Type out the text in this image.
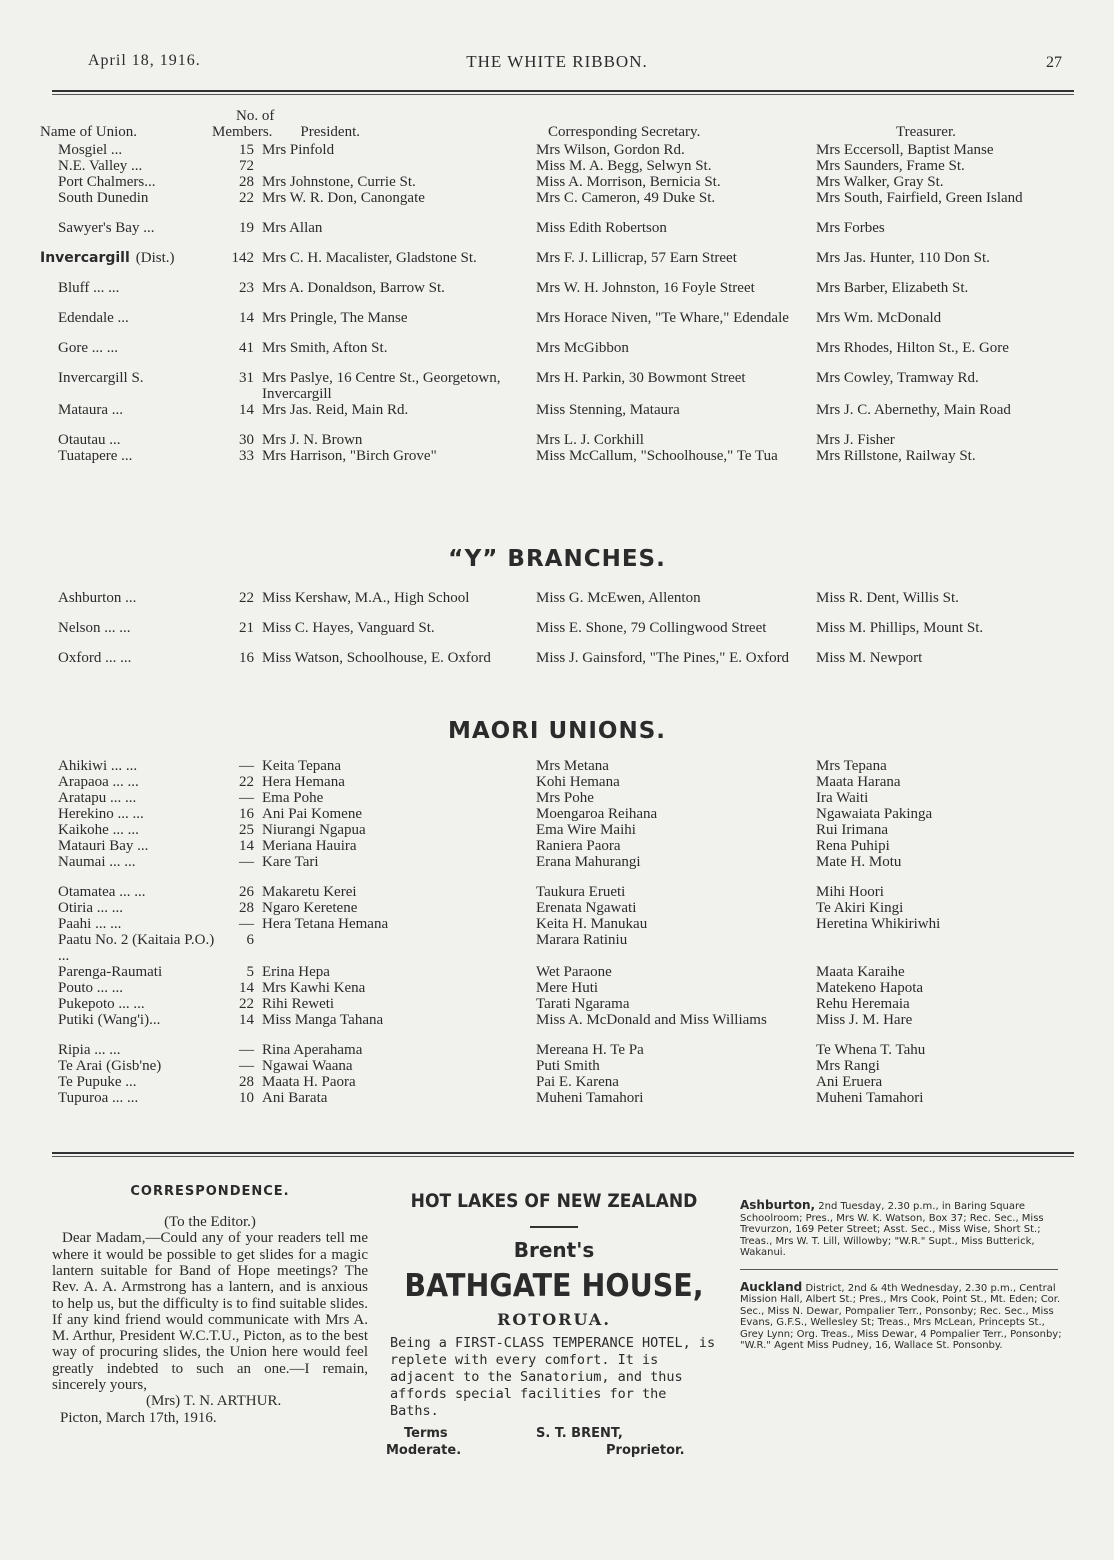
April 18, 1916.	THE WHITE RIBBON.	27
Name of Union.	No. of
Members. President.		Corresponding Secretary.	Treasurer.
Mosgiel ...	15	Mrs Pinfold	Mrs Wilson, Gordon Rd.	Mrs Eccersoll, Baptist Manse
N.E. Valley ...	72		Miss M. A. Begg, Selwyn St.	Mrs Saunders, Frame St.
Port Chalmers...	28	Mrs Johnstone, Currie St.	Miss A. Morrison, Bernicia St.	Mrs Walker, Gray St.
South Dunedin	22	Mrs W. R. Don, Canongate	Mrs C. Cameron, 49 Duke St.	Mrs South, Fairfield, Green Island
Sawyer's Bay ...	19	Mrs Allan	Miss Edith Robertson	Mrs Forbes
Invercargill (Dist.)	142	Mrs C. H. Macalister, Gladstone St.	Mrs F. J. Lillicrap, 57 Earn Street	Mrs Jas. Hunter, 110 Don St.
Bluff ... ...	23	Mrs A. Donaldson, Barrow St.	Mrs W. H. Johnston, 16 Foyle Street	Mrs Barber, Elizabeth St.
Edendale ...	14	Mrs Pringle, The Manse	Mrs Horace Niven, "Te Whare," Edendale	Mrs Wm. McDonald
Gore ... ...	41	Mrs Smith, Afton St.	Mrs McGibbon	Mrs Rhodes, Hilton St., E. Gore
Invercargill S.	31	Mrs Paslye, 16 Centre St., Georgetown, Invercargill	Mrs H. Parkin, 30 Bowmont Street	Mrs Cowley, Tramway Rd.
Mataura ...	14	Mrs Jas. Reid, Main Rd.	Miss Stenning, Mataura	Mrs J. C. Abernethy, Main Road
Otautau ...	30	Mrs J. N. Brown	Mrs L. J. Corkhill	Mrs J. Fisher
Tuatapere ...	33	Mrs Harrison, "Birch Grove"	Miss McCallum, "Schoolhouse," Te Tua	Mrs Rillstone, Railway St.
“Y” BRANCHES.
Ashburton ...	22	Miss Kershaw, M.A., High School	Miss G. McEwen, Allenton	Miss R. Dent, Willis St.
Nelson ... ...	21	Miss C. Hayes, Vanguard St.	Miss E. Shone, 79 Collingwood Street	Miss M. Phillips, Mount St.
Oxford ... ...	16	Miss Watson, Schoolhouse, E. Oxford	Miss J. Gainsford, "The Pines," E. Oxford	Miss M. Newport
MAORI UNIONS.
Ahikiwi ... ...	—	Keita Tepana	Mrs Metana	Mrs Tepana
Arapaoa ... ...	22	Hera Hemana	Kohi Hemana	Maata Harana
Aratapu ... ...	—	Ema Pohe	Mrs Pohe	Ira Waiti
Herekino ... ...	16	Ani Pai Komene	Moengaroa Reihana	Ngawaiata Pakinga
Kaikohe ... ...	25	Niurangi Ngapua	Ema Wire Maihi	Rui Irimana
Matauri Bay ...	14	Meriana Hauira	Raniera Paora	Rena Puhipi
Naumai ... ...	—	Kare Tari	Erana Mahurangi	Mate H. Motu
Otamatea ... ...	26	Makaretu Kerei	Taukura Erueti	Mihi Hoori
Otiria ... ...	28	Ngaro Keretene	Erenata Ngawati	Te Akiri Kingi
Paahi ... ...	—	Hera Tetana Hemana	Keita H. Manukau	Heretina Whikiriwhi
Paatu No. 2 (Kaitaia P.O.) ...	6		Marara Ratiniu	
Parenga-Raumati	5	Erina Hepa	Wet Paraone	Maata Karaihe
Pouto ... ...	14	Mrs Kawhi Kena	Mere Huti	Matekeno Hapota
Pukepoto ... ...	22	Rihi Reweti	Tarati Ngarama	Rehu Heremaia
Putiki (Wang'i)...	14	Miss Manga Tahana	Miss A. McDonald and Miss Williams	Miss J. M. Hare
Ripia ... ...	—	Rina Aperahama	Mereana H. Te Pa	Te Whena T. Tahu
Te Arai (Gisb'ne)	—	Ngawai Waana	Puti Smith	Mrs Rangi
Te Pupuke ...	28	Maata H. Paora	Pai E. Karena	Ani Eruera
Tupuroa ... ...	10	Ani Barata	Muheni Tamahori	Muheni Tamahori
CORRESPONDENCE.
(To the Editor.)
Dear Madam,—Could any of your readers tell me where it would be possible to get slides for a magic lantern suitable for Band of Hope meetings? The Rev. A. A. Armstrong has a lantern, and is anxious to help us, but the difficulty is to find suitable slides. If any kind friend would communicate with Mrs A. M. Arthur, President W.C.T.U., Picton, as to the best way of procuring slides, the Union here would feel greatly indebted to such an one.—I remain, sincerely yours,
(Mrs) T. N. ARTHUR.
Picton, March 17th, 1916.
HOT LAKES OF NEW ZEALAND
Brent's
BATHGATE HOUSE,
ROTORUA.
Being a FIRST-CLASS TEMPERANCE HOTEL, is replete with every comfort. It is adjacent to the Sanatorium, and thus affords special facilities for the Baths.
Terms
Moderate.
S. T. BRENT,
Proprietor.
Ashburton, 2nd Tuesday, 2.30 p.m., in Baring Square Schoolroom; Pres., Mrs W. K. Watson, Box 37; Rec. Sec., Miss Trevurzon, 169 Peter Street; Asst. Sec., Miss Wise, Short St.; Treas., Mrs W. T. Lill, Willowby; "W.R." Supt., Miss Butterick, Wakanui.
Auckland District, 2nd & 4th Wednesday, 2.30 p.m., Central Mission Hall, Albert St.; Pres., Mrs Cook, Point St., Mt. Eden; Cor. Sec., Miss N. Dewar, Pompalier Terr., Ponsonby; Rec. Sec., Miss Evans, G.F.S., Wellesley St; Treas., Mrs McLean, Princepts St., Grey Lynn; Org. Treas., Miss Dewar, 4 Pompalier Terr., Ponsonby; "W.R." Agent Miss Pudney, 16, Wallace St. Ponsonby.
